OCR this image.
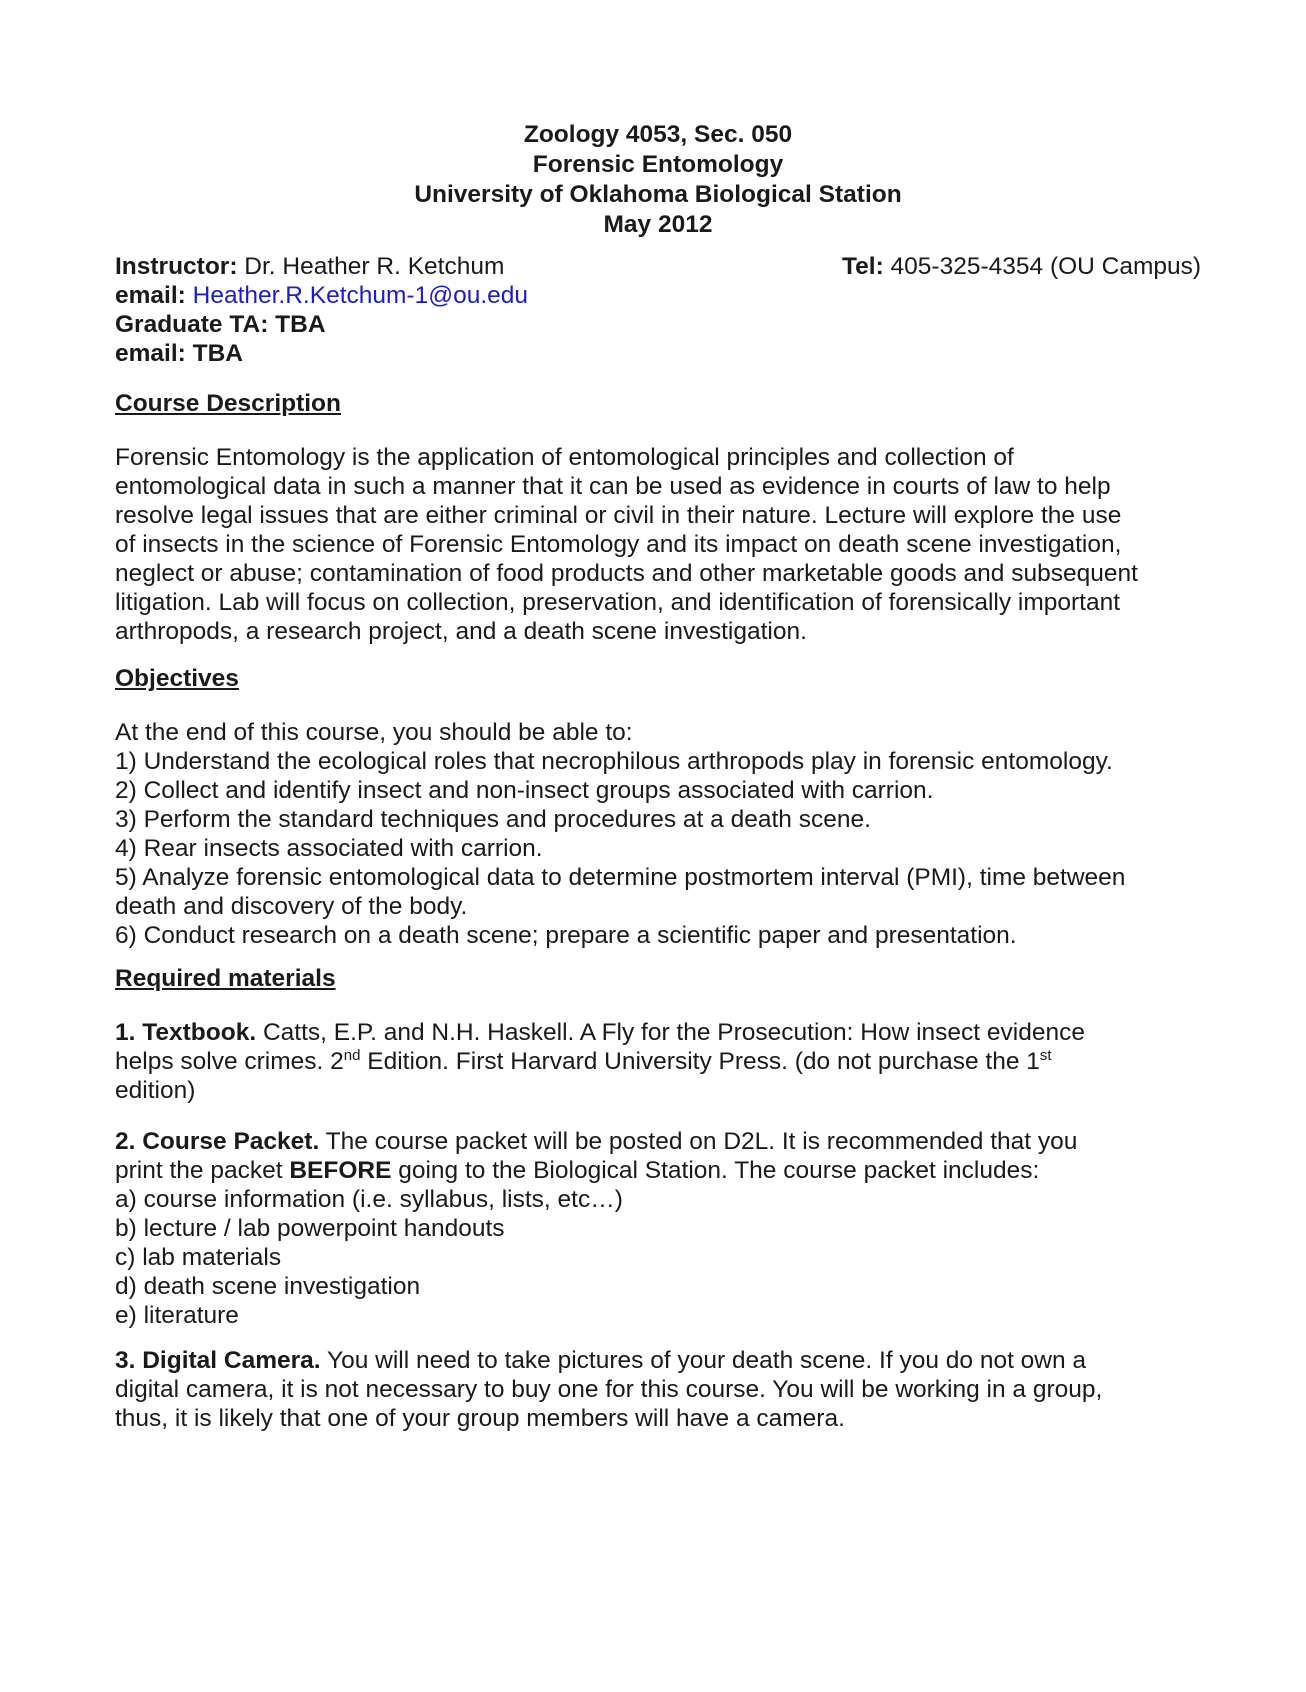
Zoology 4053, Sec. 050
Forensic Entomology
University of Oklahoma Biological Station
May 2012
Instructor: Dr. Heather R. Ketchum	Tel: 405-325-4354 (OU Campus)
email: Heather.R.Ketchum-1@ou.edu
Graduate TA: TBA
email: TBA
Course Description

Forensic Entomology is the application of entomological principles and collection of

entomological data in such a manner that it can be used as evidence in courts of law to help

resolve legal issues that are either criminal or civil in their nature. Lecture will explore the use

of insects in the science of Forensic Entomology and its impact on death scene investigation,

neglect or abuse; contamination of food products and other marketable goods and subsequent

litigation. Lab will focus on collection, preservation, and identification of forensically important

arthropods, a research project, and a death scene investigation.

Objectives

At the end of this course, you should be able to:

1) Understand the ecological roles that necrophilous arthropods play in forensic entomology.

2) Collect and identify insect and non-insect groups associated with carrion.

3) Perform the standard techniques and procedures at a death scene.

4) Rear insects associated with carrion.

5) Analyze forensic entomological data to determine postmortem interval (PMI), time between

death and discovery of the body.

6) Conduct research on a death scene; prepare a scientific paper and presentation.

Required materials

1. Textbook. Catts, E.P. and N.H. Haskell. A Fly for the Prosecution: How insect evidence

helps solve crimes. 2nd Edition. First Harvard University Press. (do not purchase the 1st

edition)

2. Course Packet. The course packet will be posted on D2L. It is recommended that you

print the packet BEFORE going to the Biological Station. The course packet includes:

a) course information (i.e. syllabus, lists, etc…)

b) lecture / lab powerpoint handouts

c) lab materials

d) death scene investigation

e) literature

3. Digital Camera. You will need to take pictures of your death scene. If you do not own a

digital camera, it is not necessary to buy one for this course. You will be working in a group,

thus, it is likely that one of your group members will have a camera.
